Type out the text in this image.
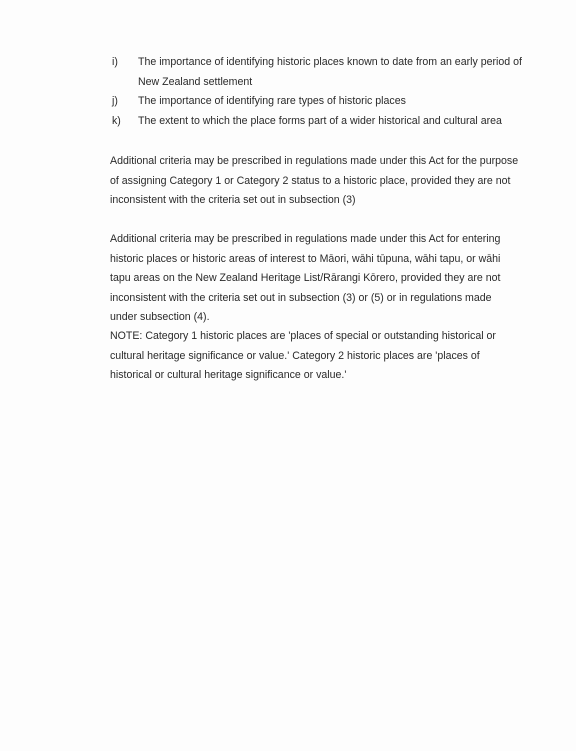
i)	The importance of identifying historic places known to date from an early period of New Zealand settlement
j)	The importance of identifying rare types of historic places
k)	The extent to which the place forms part of a wider historical and cultural area

Additional criteria may be prescribed in regulations made under this Act for the purpose of assigning Category 1 or Category 2 status to a historic place, provided they are not inconsistent with the criteria set out in subsection (3)

Additional criteria may be prescribed in regulations made under this Act for entering historic places or historic areas of interest to Māori, wāhi tūpuna, wāhi tapu, or wāhi tapu areas on the New Zealand Heritage List/Rārangi Kōrero, provided they are not inconsistent with the criteria set out in subsection (3) or (5) or in regulations made under subsection (4).

NOTE: Category 1 historic places are 'places of special or outstanding historical or cultural heritage significance or value.' Category 2 historic places are 'places of historical or cultural heritage significance or value.'
